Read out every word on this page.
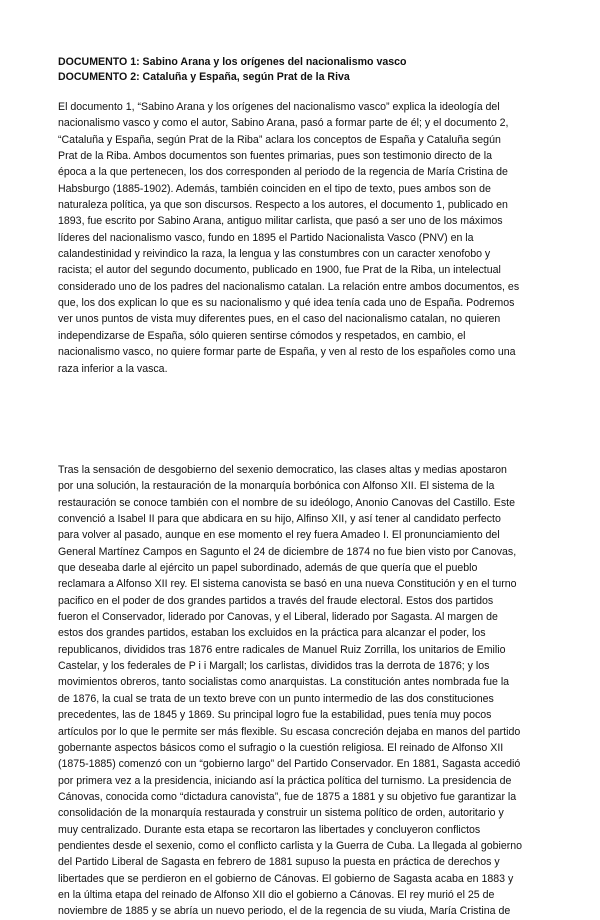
DOCUMENTO 1: Sabino Arana y los orígenes del nacionalismo vasco
DOCUMENTO 2: Cataluña y España, según Prat de la Riva
El documento 1, “Sabino Arana y los orígenes del nacionalismo vasco” explica la ideología del
nacionalismo vasco y como el autor, Sabino Arana, pasó a formar parte de él; y el documento 2,
“Cataluña y España, según Prat de la Riba” aclara los conceptos de España y Cataluña según
Prat de la Riba. Ambos documentos son fuentes primarias, pues son testimonio directo de la
época a la que pertenecen, los dos corresponden al periodo de la regencia de María Cristina de
Habsburgo (1885-1902). Además, también coinciden en el tipo de texto, pues ambos son de
naturaleza política, ya que son discursos. Respecto a los autores, el documento 1, publicado en
1893, fue escrito por Sabino Arana, antiguo militar carlista, que pasó a ser uno de los máximos
líderes del nacionalismo vasco, fundo en 1895 el Partido Nacionalista Vasco (PNV) en la
calandestinidad y reivindico la raza, la lengua y las constumbres con un caracter xenofobo y
racista; el autor del segundo documento, publicado en 1900, fue Prat de la Riba, un intelectual
considerado uno de los padres del nacionalismo catalan. La relación entre ambos documentos, es
que, los dos explican lo que es su nacionalismo y qué idea tenía cada uno de España. Podremos
ver unos puntos de vista muy diferentes pues, en el caso del nacionalismo catalan, no quieren
independizarse de España, sólo quieren sentirse cómodos y respetados, en cambio, el
nacionalismo vasco, no quiere formar parte de España, y ven al resto de los españoles como una
raza inferior a la vasca.
Tras la sensación de desgobierno del sexenio democratico, las clases altas y medias apostaron
por una solución, la restauración de la monarquía borbónica con Alfonso XII. El sistema de la
restauración se conoce también con el nombre de su ideólogo, Anonio Canovas del Castillo. Este
convenció a Isabel II para que abdicara en su hijo, Alfinso XII, y así tener al candidato perfecto
para volver al pasado, aunque en ese momento el rey fuera Amadeo I. El pronunciamiento del
General Martínez Campos en Sagunto el 24 de diciembre de 1874 no fue bien visto por Canovas,
que deseaba darle al ejército un papel subordinado, además de que quería que el pueblo
reclamara a Alfonso XII rey. El sistema canovista se basó en una nueva Constitución y en el turno
pacifico en el poder de dos grandes partidos a través del fraude electoral. Estos dos partidos
fueron el Conservador, liderado por Canovas, y el Liberal, liderado por Sagasta. Al margen de
estos dos grandes partidos, estaban los excluidos en la práctica para alcanzar el poder, los
republicanos, divididos tras 1876 entre radicales de Manuel Ruiz Zorrilla, los unitarios de Emilio
Castelar, y los federales de P i i Margall; los carlistas, divididos tras la derrota de 1876; y los
movimientos obreros, tanto socialistas como anarquistas. La constitución antes nombrada fue la
de 1876, la cual se trata de un texto breve con un punto intermedio de las dos constituciones
precedentes, las de 1845 y 1869. Su principal logro fue la estabilidad, pues tenía muy pocos
artículos por lo que le permite ser más flexible. Su escasa concreción dejaba en manos del partido
gobernante aspectos básicos como el sufragio o la cuestión religiosa. El reinado de Alfonso XII
(1875-1885) comenzó con un “gobierno largo” del Partido Conservador. En 1881, Sagasta accedió
por primera vez a la presidencia, iniciando así la práctica política del turnismo. La presidencia de
Cánovas, conocida como “dictadura canovista”, fue de 1875 a 1881 y su objetivo fue garantizar la
consolidación de la monarquía restaurada y construir un sistema político de orden, autoritario y
muy centralizado. Durante esta etapa se recortaron las libertades y concluyeron conflictos
pendientes desde el sexenio, como el conflicto carlista y la Guerra de Cuba. La llegada al gobierno
del Partido Liberal de Sagasta en febrero de 1881 supuso la puesta en práctica de derechos y
libertades que se perdieron en el gobierno de Cánovas. El gobierno de Sagasta acaba en 1883 y
en la última etapa del reinado de Alfonso XII dio el gobierno a Cánovas. El rey murió el 25 de
noviembre de 1885 y se abría un nuevo periodo, el de la regencia de su viuda, María Cristina de
